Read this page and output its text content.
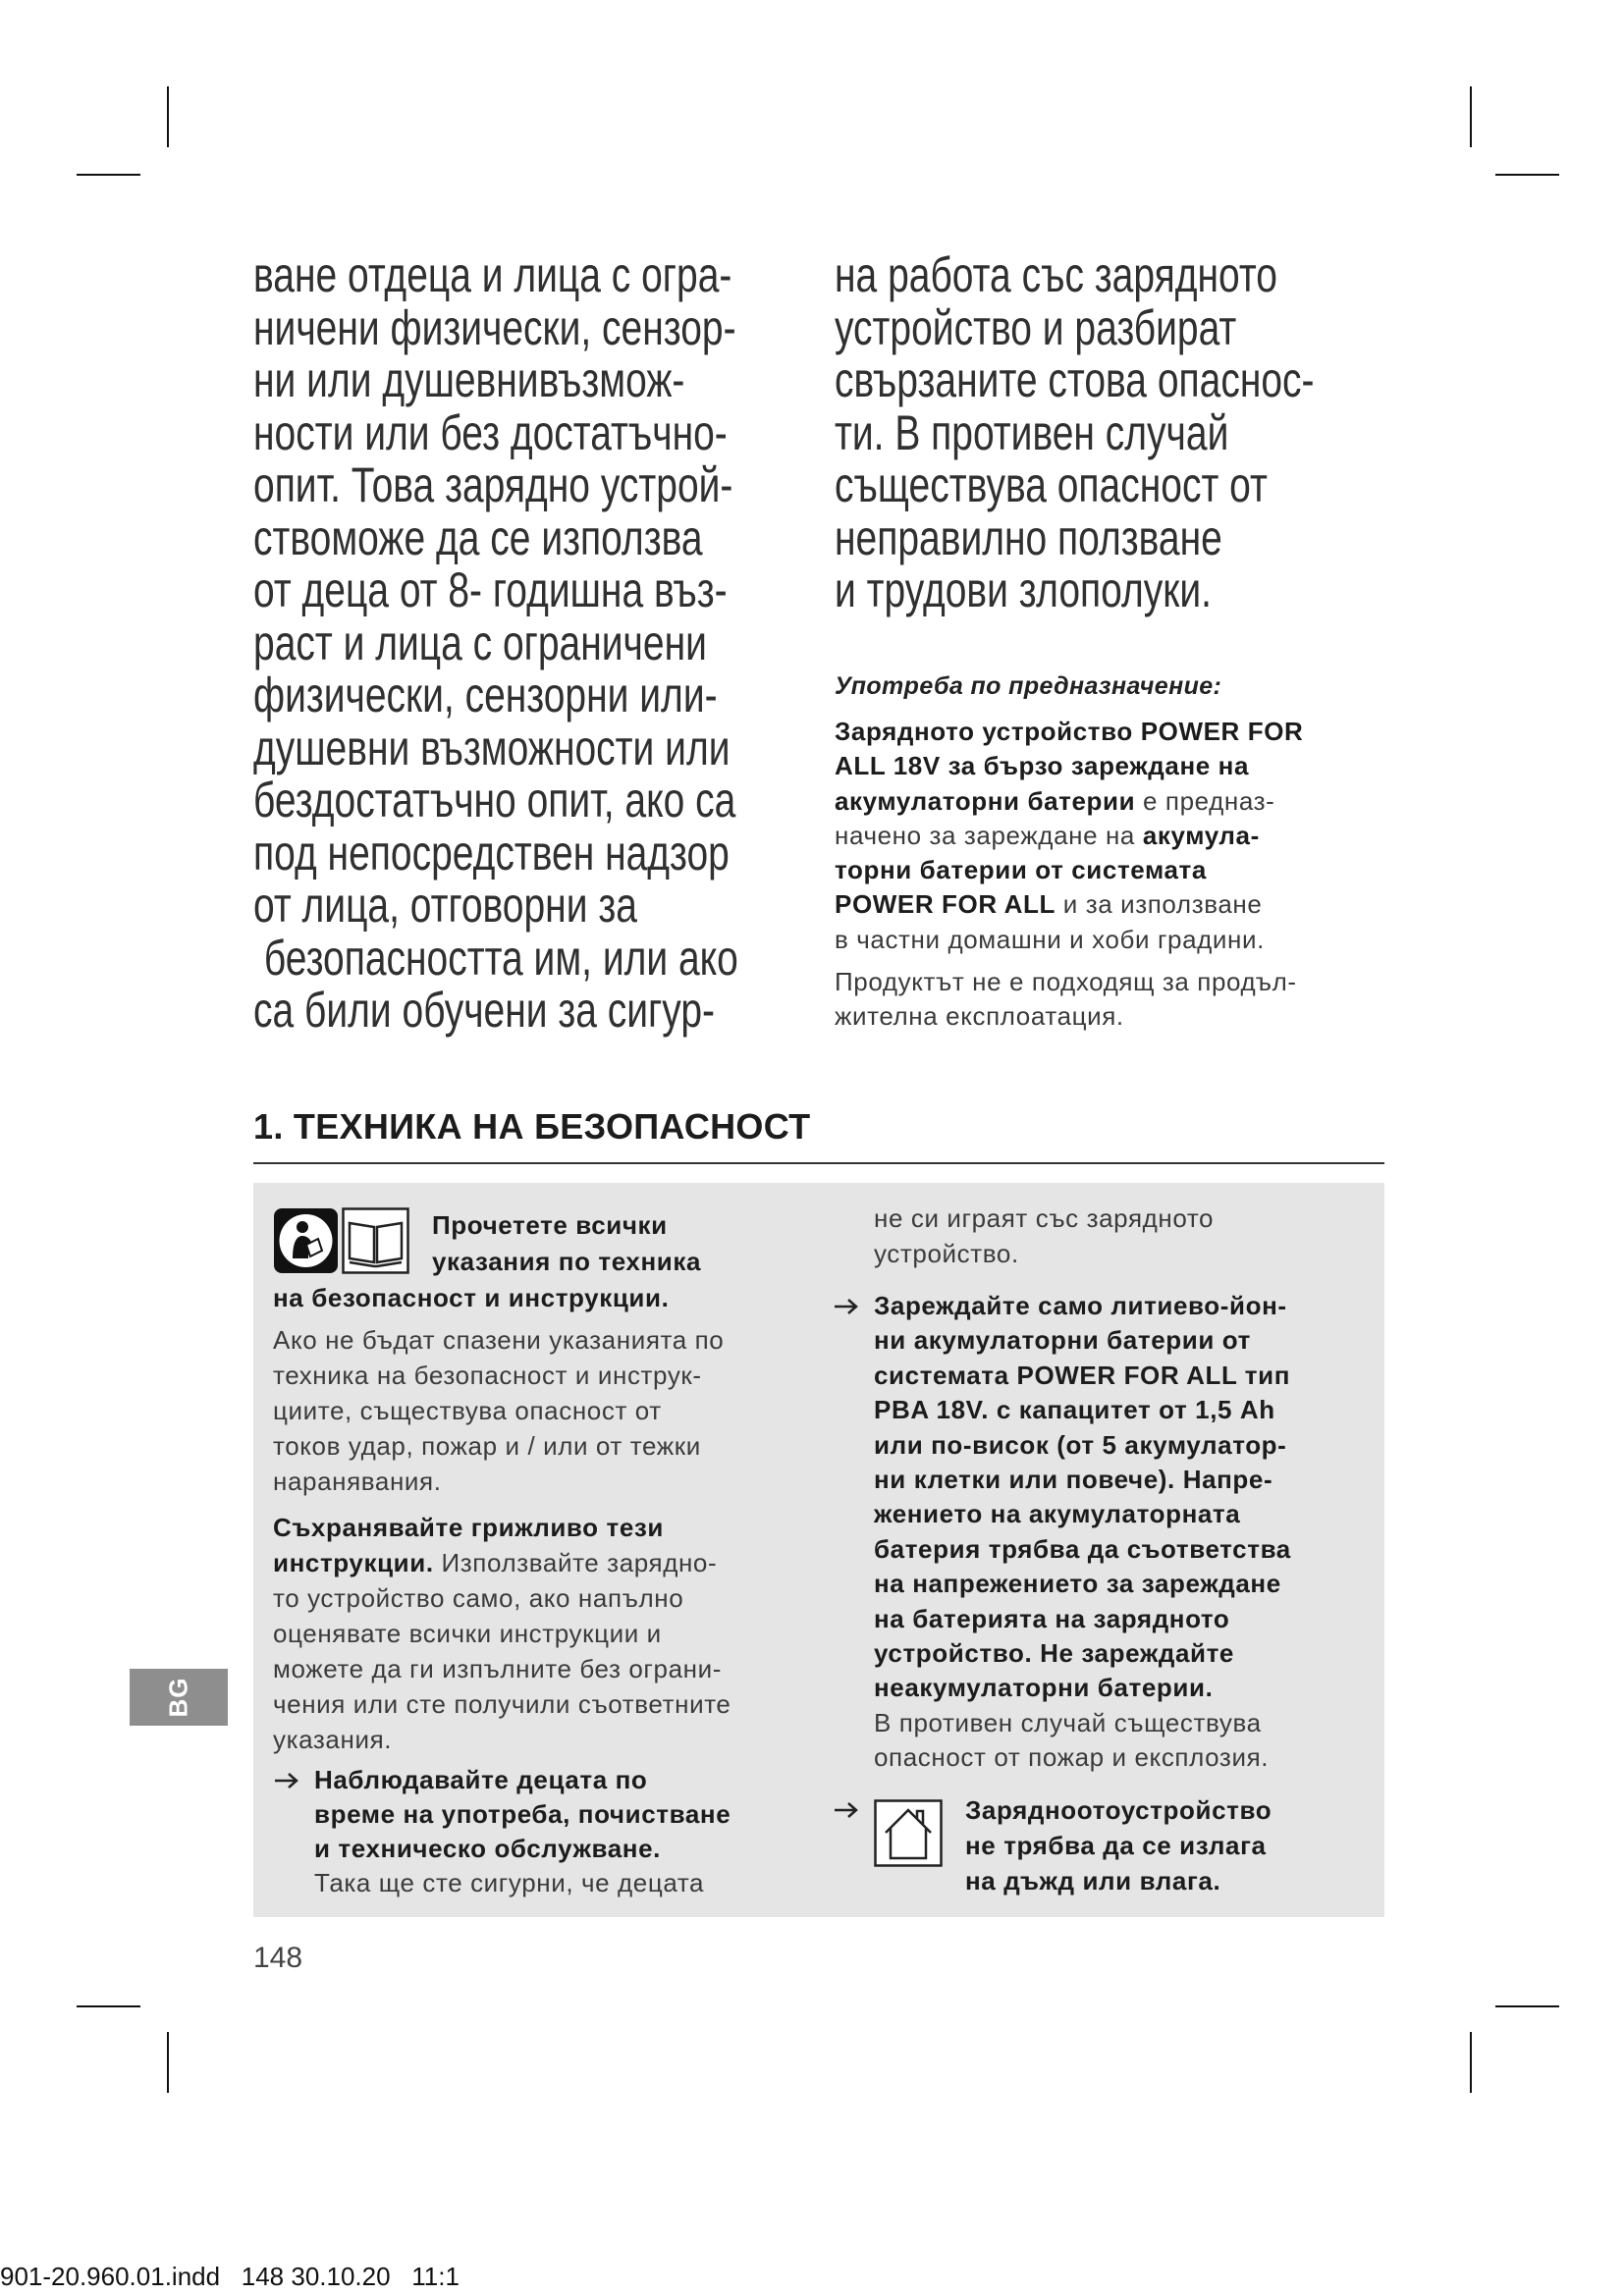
ване отдеца и лица с огра-
ничени физически, сензор-
ни или душевнивъзмож-
ности или без достатъчно-
опит. Това зарядно устрой-
ствоможе да се използва
от деца от 8- годишна въз-
раст и лица с ограничени
физически, сензорни или-
душевни възможности или
бездостатъчно опит, ако са
под непосредствен надзор
от лица, отговорни за
безопасността им, или ако
са били обучени за сигур-
на работа със зарядното
устройство и разбират
свързаните стова опаснос-
ти. В противен случай
съществува опасност от
неправилно ползване
и трудови злополуки.
Употреба по предназначение:
Зарядното устройство POWER FOR
ALL 18V за бързо зареждане на
акумулаторни батерии е предназ-
начено за зареждане на акумула-
торни батерии от системата
POWER FOR ALL и за използване
в частни домашни и хоби градини.
Продуктът не е подходящ за продъл-
жителна експлоатация.
1. ТЕХНИКА НА БЕЗОПАСНОСТ
Прочетете всички
указания по техника
на безопасност и инструкции.
Ако не бъдат спазени указанията по
техника на безопасност и инструк-
циите, съществува опасност от
токов удар, пожар и / или от тежки
наранявания.
Съхранявайте грижливо тези
инструкции. Използвайте зарядно-
то устройство само, ако напълно
оценявате всички инструкции и
можете да ги изпълните без ограни-
чения или сте получили съответните
указания.
Наблюдавайте децата по
време на употреба, почистване
и техническо обслужване.
Така ще сте сигурни, че децата
не си играят със зарядното
устройство.
Зареждайте само литиево-йон-
ни акумулаторни батерии от
системата POWER FOR ALL тип
PBA 18V. с капацитет от 1,5 Ah
или по-висок (от 5 акумулатор-
ни клетки или повече). Напре-
жението на акумулаторната
батерия трябва да съответства
на напрежението за зареждане
на батерията на зарядното
устройство. Не зареждайте
неакумулаторни батерии.
В противен случай съществува
опасност от пожар и експлозия.
Зарядноотоустройство
не трябва да се излага
на дъжд или влага.
148
BG
901-20.960.01.indd   148 30.10.20   11:1
